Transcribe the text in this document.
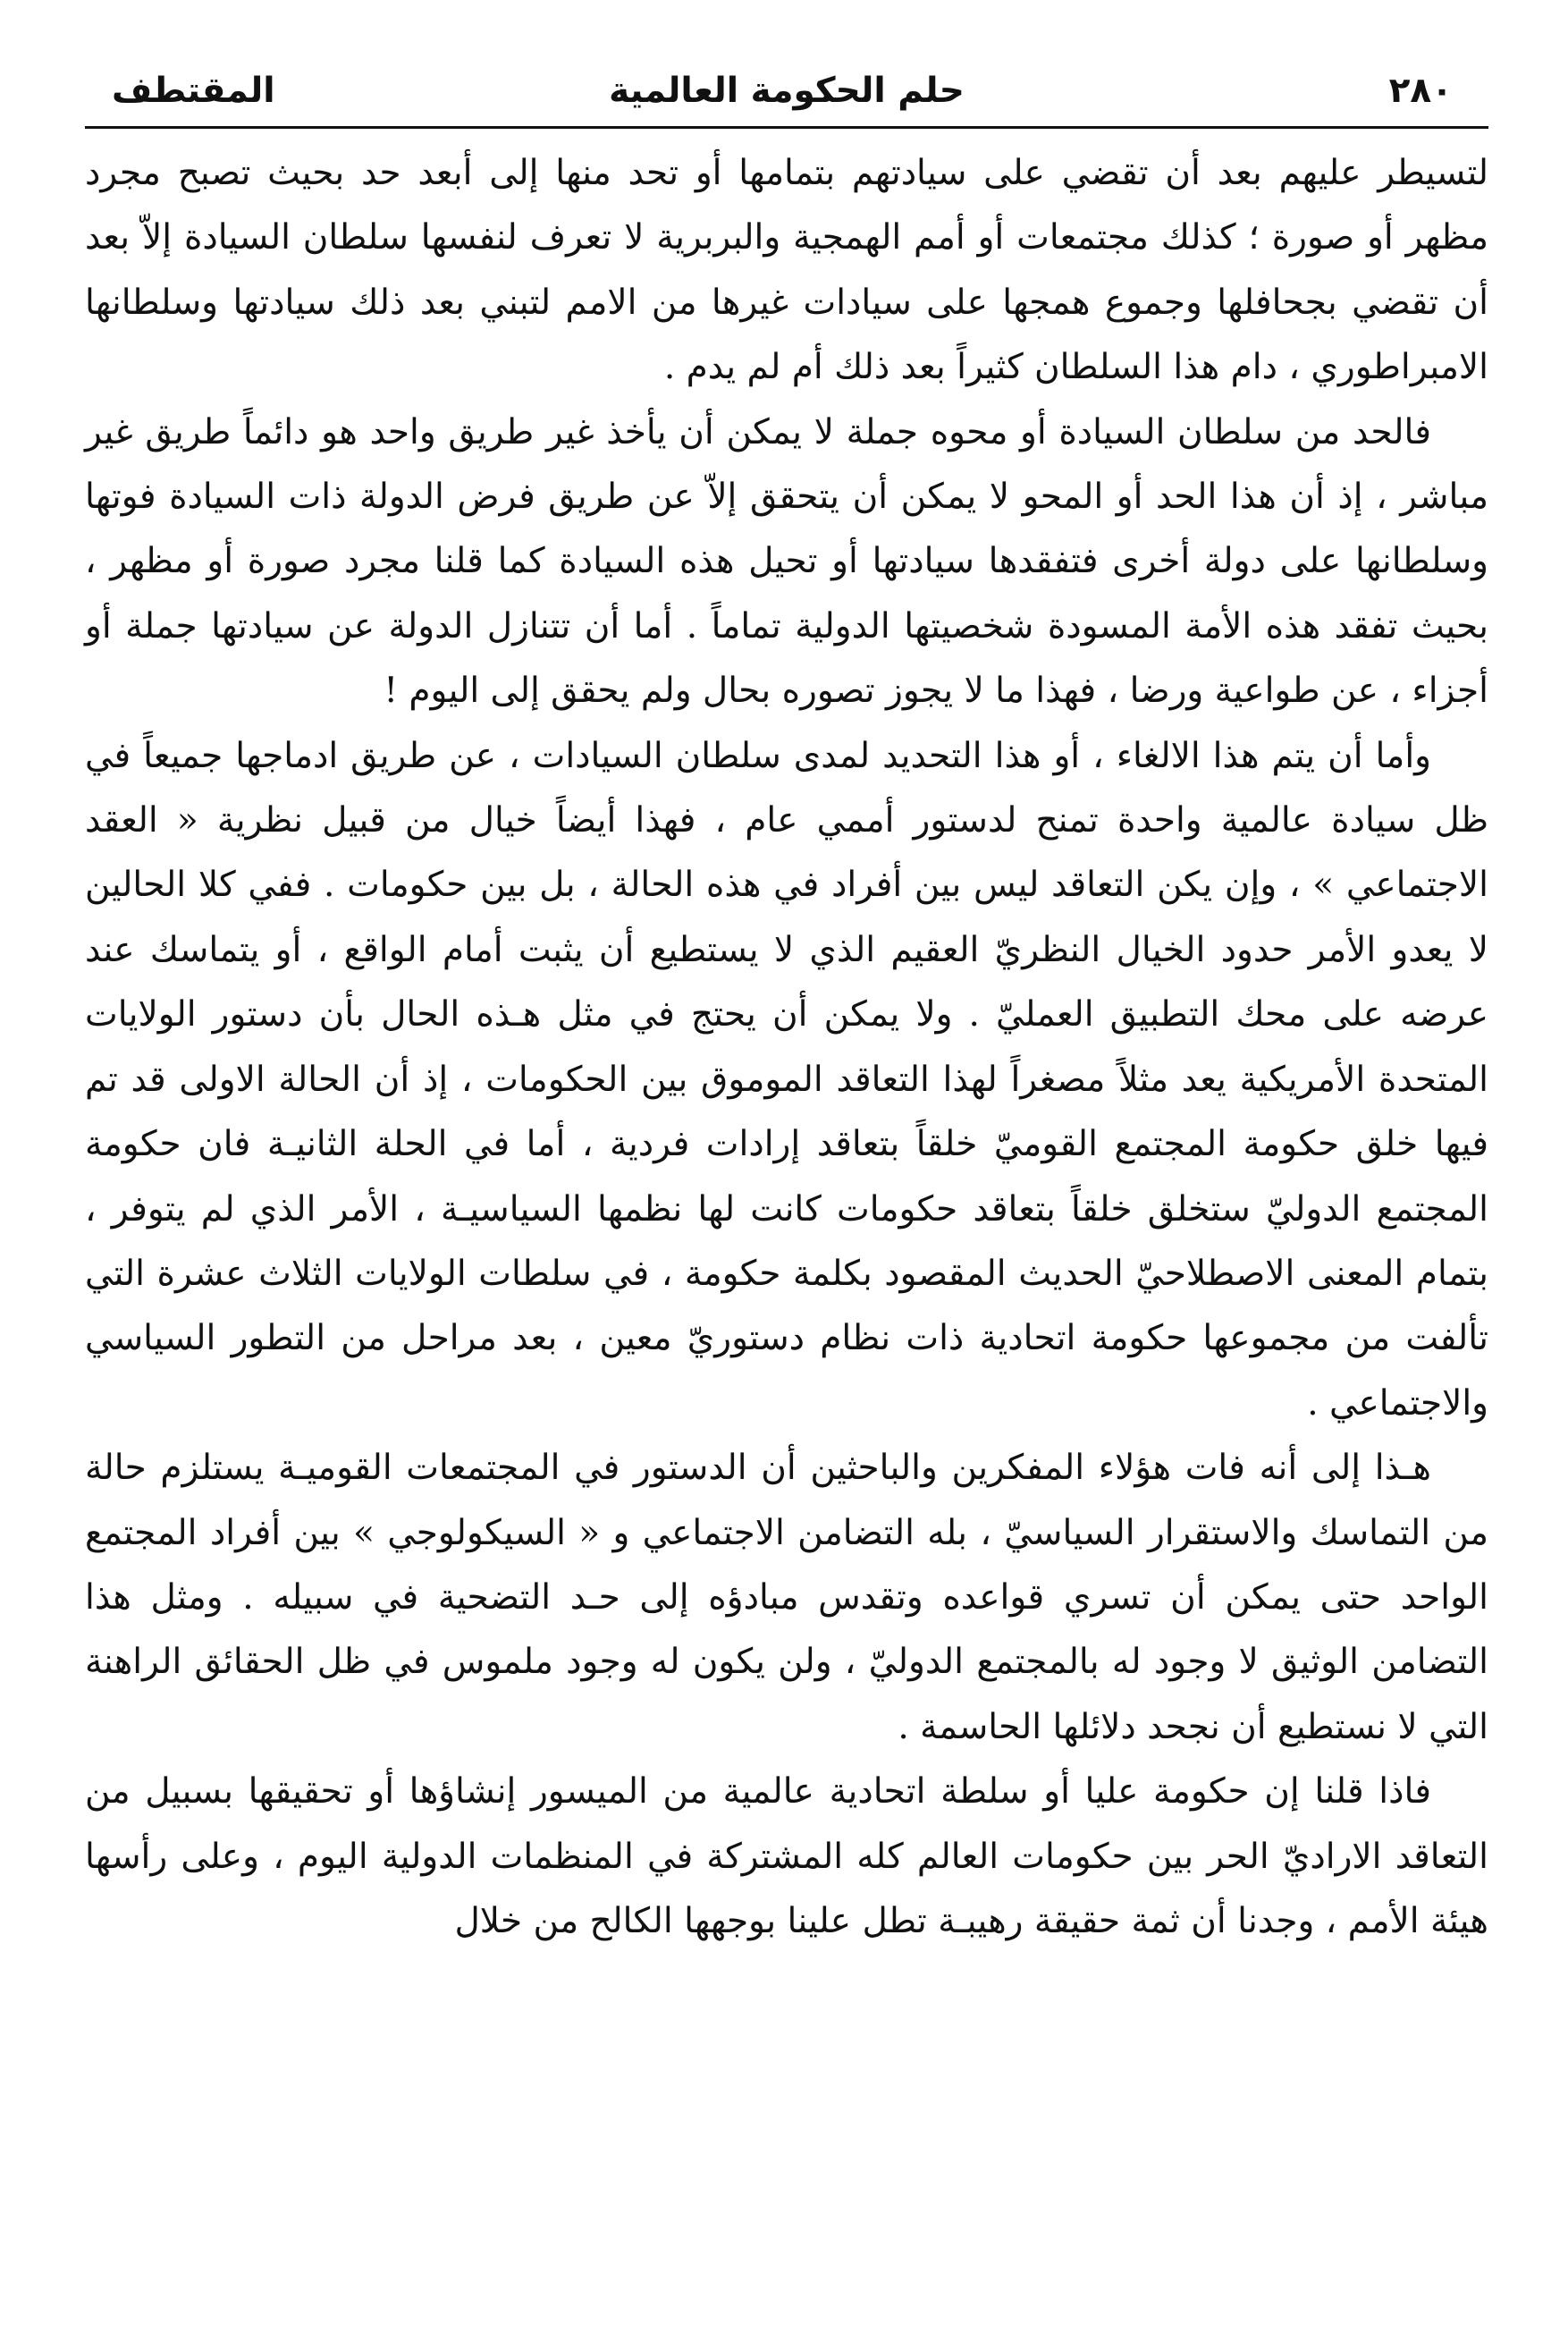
٢٨٠
حلم الحكومة العالمية
المقتطف

لتسيطر عليهم بعد أن تقضي على سيادتهم بتمامها أو تحد منها إلى أبعد حد بحيث تصبح مجرد مظهر أو صورة ؛ كذلك مجتمعات أو أمم الهمجية والبربرية لا تعرف لنفسها سلطان السيادة إلاّ بعد أن تقضي بجحافلها وجموع همجها على سيادات غيرها من الامم لتبني بعد ذلك سيادتها وسلطانها الامبراطوري ، دام هذا السلطان كثيراً بعد ذلك أم لم يدم .

فالحد من سلطان السيادة أو محوه جملة لا يمكن أن يأخذ غير طريق واحد هو دائماً طريق غير مباشر ، إذ أن هذا الحد أو المحو لا يمكن أن يتحقق إلاّ عن طريق فرض الدولة ذات السيادة فوتها وسلطانها على دولة أخرى فتفقدها سيادتها أو تحيل هذه السيادة كما قلنا مجرد صورة أو مظهر ، بحيث تفقد هذه الأمة المسودة شخصيتها الدولية تماماً . أما أن تتنازل الدولة عن سيادتها جملة أو أجزاء ، عن طواعية ورضا ، فهذا ما لا يجوز تصوره بحال ولم يحقق إلى اليوم !

وأما أن يتم هذا الالغاء ، أو هذا التحديد لمدى سلطان السيادات ، عن طريق ادماجها جميعاً في ظل سيادة عالمية واحدة تمنح لدستور أممي عام ، فهذا أيضاً خيال من قبيل نظرية « العقد الاجتماعي » ، وإن يكن التعاقد ليس بين أفراد في هذه الحالة ، بل بين حكومات . ففي كلا الحالين لا يعدو الأمر حدود الخيال النظريّ العقيم الذي لا يستطيع أن يثبت أمام الواقع ، أو يتماسك عند عرضه على محك التطبيق العمليّ . ولا يمكن أن يحتج في مثل هـذه الحال بأن دستور الولايات المتحدة الأمريكية يعد مثلاً مصغراً لهذا التعاقد الموموق بين الحكومات ، إذ أن الحالة الاولى قد تم فيها خلق حكومة المجتمع القوميّ خلقاً بتعاقد إرادات فردية ، أما في الحلة الثانيـة فان حكومة المجتمع الدوليّ ستخلق خلقاً بتعاقد حكومات كانت لها نظمها السياسيـة ، الأمر الذي لم يتوفر ، بتمام المعنى الاصطلاحيّ الحديث المقصود بكلمة حكومة ، في سلطات الولايات الثلاث عشرة التي تألفت من مجموعها حكومة اتحادية ذات نظام دستوريّ معين ، بعد مراحل من التطور السياسي والاجتماعي .

هـذا إلى أنه فات هؤلاء المفكرين والباحثين أن الدستور في المجتمعات القوميـة يستلزم حالة من التماسك والاستقرار السياسيّ ، بله التضامن الاجتماعي و « السيكولوجي » بين أفراد المجتمع الواحد حتى يمكن أن تسري قواعده وتقدس مبادؤه إلى حـد التضحية في سبيله . ومثل هذا التضامن الوثيق لا وجود له بالمجتمع الدوليّ ، ولن يكون له وجود ملموس في ظل الحقائق الراهنة التي لا نستطيع أن نجحد دلائلها الحاسمة .

فاذا قلنا إن حكومة عليا أو سلطة اتحادية عالمية من الميسور إنشاؤها أو تحقيقها بسبيل من التعاقد الاراديّ الحر بين حكومات العالم كله المشتركة في المنظمات الدولية اليوم ، وعلى رأسها هيئة الأمم ، وجدنا أن ثمة حقيقة رهيبـة تطل علينا بوجهها الكالح من خلال
